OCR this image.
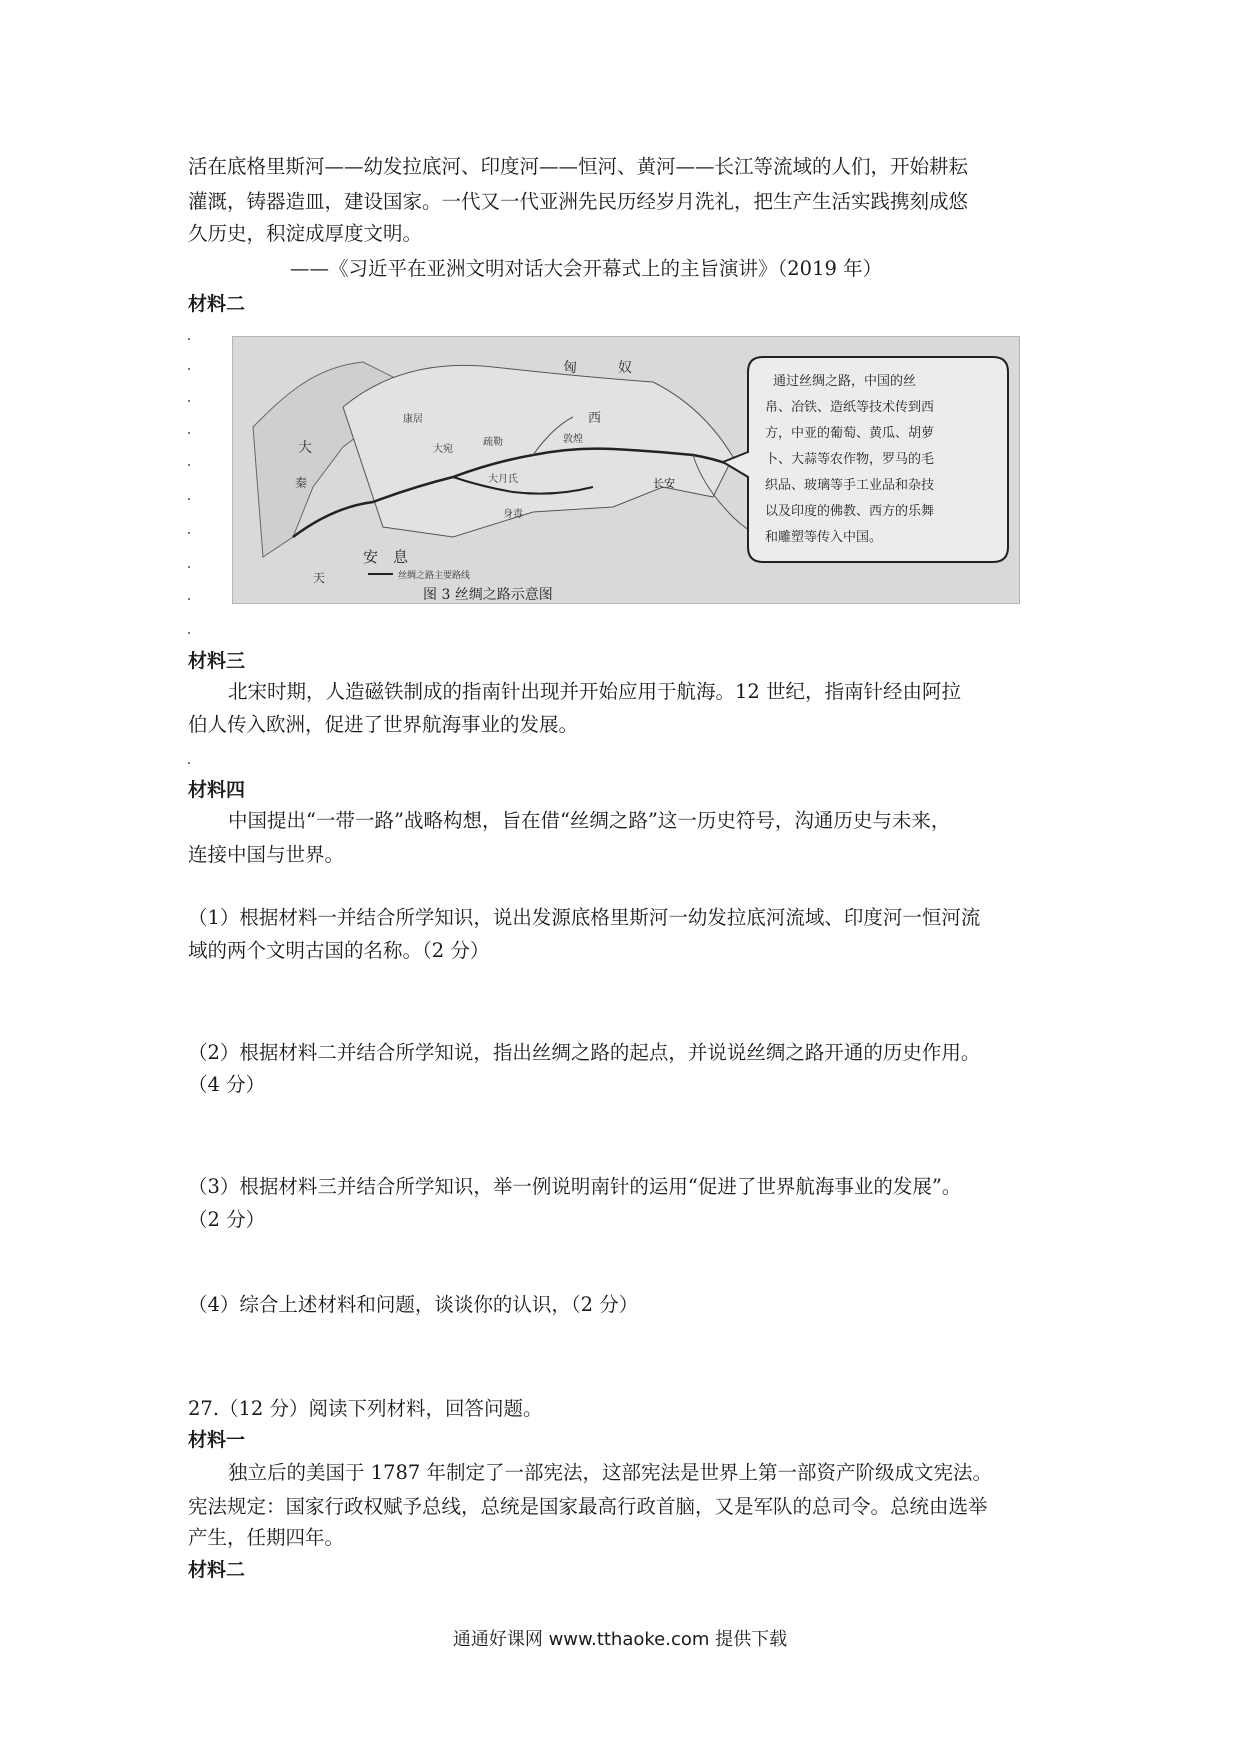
活在底格里斯河——幼发拉底河、印度河——恒河、黄河——长江等流域的人们，开始耕耘
灌溉，铸器造皿，建设国家。一代又一代亚洲先民历经岁月洗礼，把生产生活实践携刻成悠
久历史，积淀成厚度文明。
——《习近平在亚洲文明对话大会开幕式上的主旨演讲》（2019 年）
材料二
匈	奴
西
安 息
长安
大
秦
天
敦煌
疏勒
大月氏
大宛
康居
身毒
丝绸之路主要路线
图 3 丝绸之路示意图
通过丝绸之路，中国的丝
帛、冶铁、造纸等技术传到西
方，中亚的葡萄、黄瓜、胡萝
卜、大蒜等农作物，罗马的毛
织品、玻璃等手工业品和杂技
以及印度的佛教、西方的乐舞
和雕塑等传入中国。
材料三
北宋时期，人造磁铁制成的指南针出现并开始应用于航海。12 世纪，指南针经由阿拉
伯人传入欧洲，促进了世界航海事业的发展。
材料四
中国提出“一带一路”战略构想，旨在借“丝绸之路”这一历史符号，沟通历史与未来，
连接中国与世界。
（1）根据材料一并结合所学知识，说出发源底格里斯河一幼发拉底河流域、印度河一恒河流
域的两个文明古国的名称。（2 分）
（2）根据材料二并结合所学知说，指出丝绸之路的起点，并说说丝绸之路开通的历史作用。
（4 分）
（3）根据材料三并结合所学知识，举一例说明南针的运用“促进了世界航海事业的发展”。
（2 分）
（4）综合上述材料和问题，谈谈你的认识，（2 分）
27.（12 分）阅读下列材料，回答问题。
材料一
独立后的美国于 1787 年制定了一部宪法，这部宪法是世界上第一部资产阶级成文宪法。
宪法规定：国家行政权赋予总线，总统是国家最高行政首脑，又是军队的总司令。总统由选举
产生，任期四年。
材料二
通通好课网 www.tthaoke.com 提供下载
